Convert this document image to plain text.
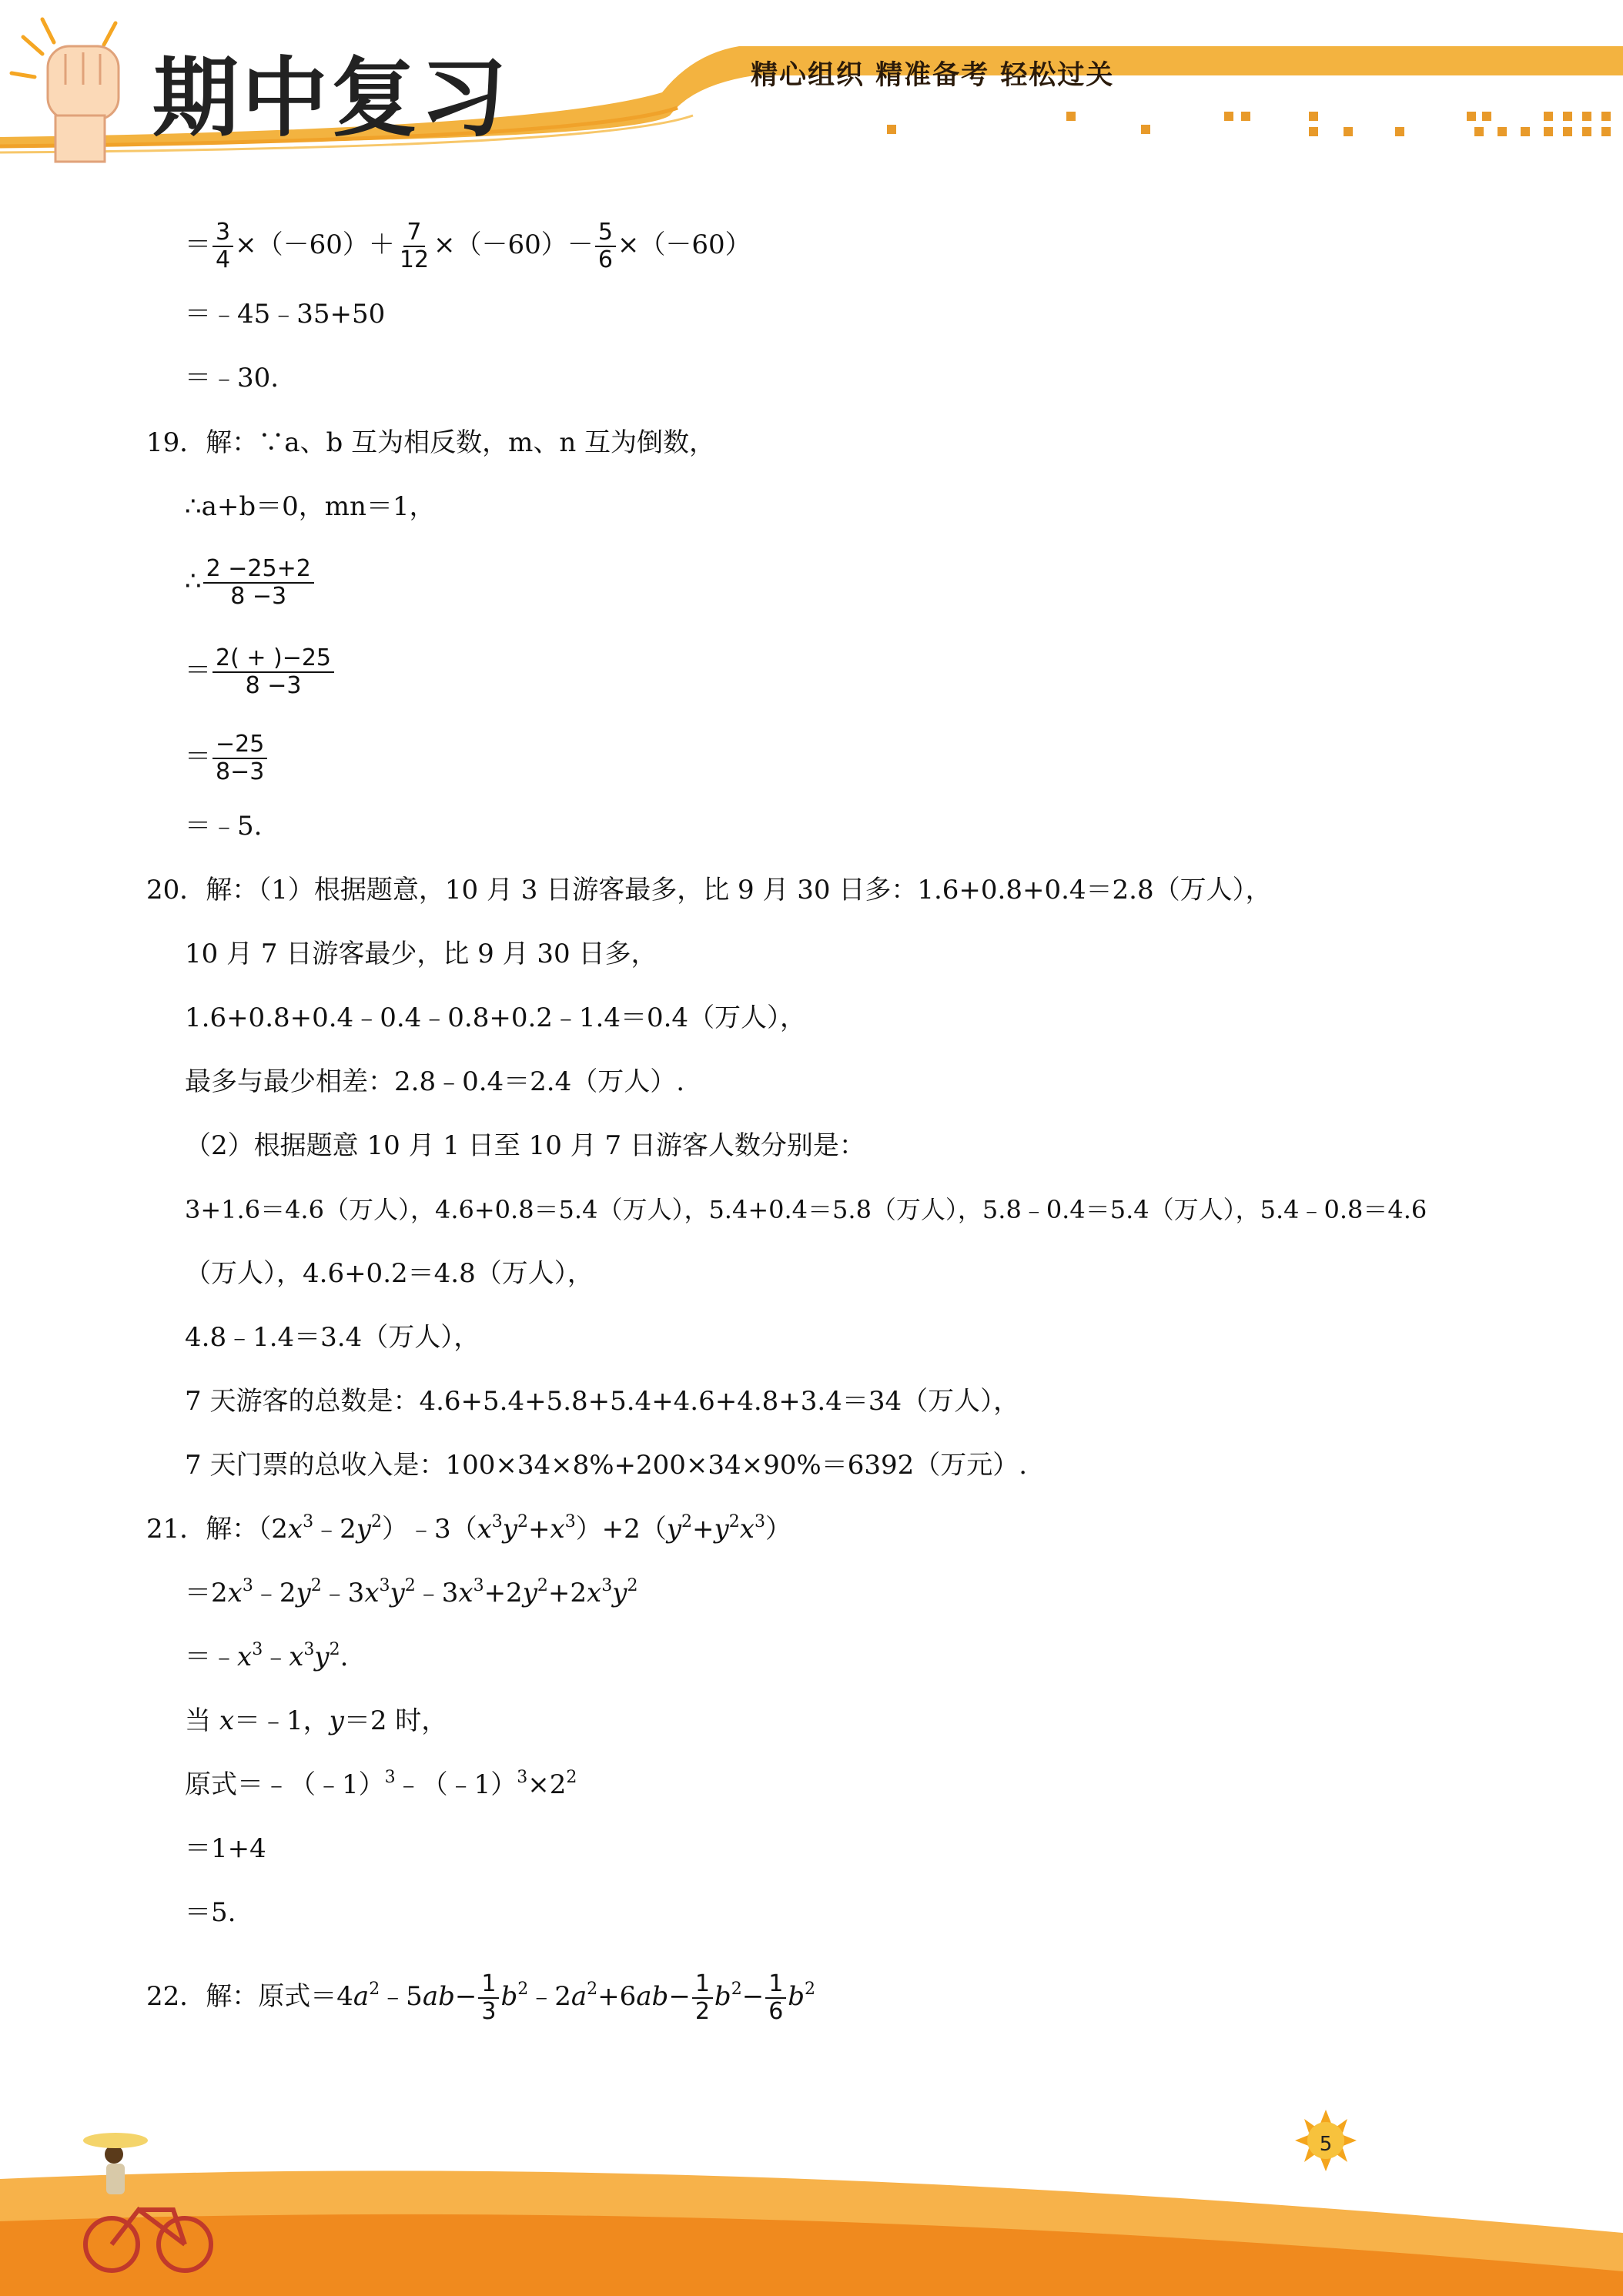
期中复习	精心组织 精准备考 轻松过关
＝ $\frac{3}{4} \times(-60)+ \frac{7}{12} \times(-60)- \frac{5}{6} \times(-60)$
＝﹣45﹣35+50
＝﹣30.
19．解：∵a、b 互为相反数，m、n 互为倒数，
∴a+b＝0，mn＝1，
∴ $\frac{2 -25+2}{8 -3}$
＝ $\frac{2( + )-25}{8 -3}$
＝ $\frac{-25}{8-3}$
＝﹣5.
20．解：（1）根据题意，10 月 3 日游客最多，比 9 月 30 日多：1.6+0.8+0.4＝2.8（万人），
10 月 7 日游客最少，比 9 月 30 日多，
1.6+0.8+0.4﹣0.4﹣0.8+0.2﹣1.4＝0.4（万人），
最多与最少相差：2.8﹣0.4＝2.4（万人）.
（2）根据题意 10 月 1 日至 10 月 7 日游客人数分别是：
3+1.6＝4.6（万人），4.6+0.8＝5.4（万人），5.4+0.4＝5.8（万人），5.8﹣0.4＝5.4（万人），5.4﹣0.8＝4.6
（万人），4.6+0.2＝4.8（万人），
4.8﹣1.4＝3.4（万人），
7 天游客的总数是：4.6+5.4+5.8+5.4+4.6+4.8+3.4＝34（万人），
7 天门票的总收入是：100×34×8%+200×34×90%＝6392（万元）.
21．解：$(2x^3﹣2y^2)﹣3(x^3y^2+x^3)+2(y^2+y^2x^3)$
$=2x^3﹣2y^2﹣3x^3y^2﹣3x^3+2y^2+2x^3y^2$
$=﹣x^3﹣x^3y^2$.
当 x＝﹣1，y＝2 时，
原式$=﹣(﹣1)^3﹣(﹣1)^3\times 2^2$
＝1+4
＝5.
22．解：原式$=4a^2﹣5ab- \frac{1}{3}$ $b^2﹣2a^2+6ab- \frac{1}{2} b^2- \frac{1}{6} b^2$
5
